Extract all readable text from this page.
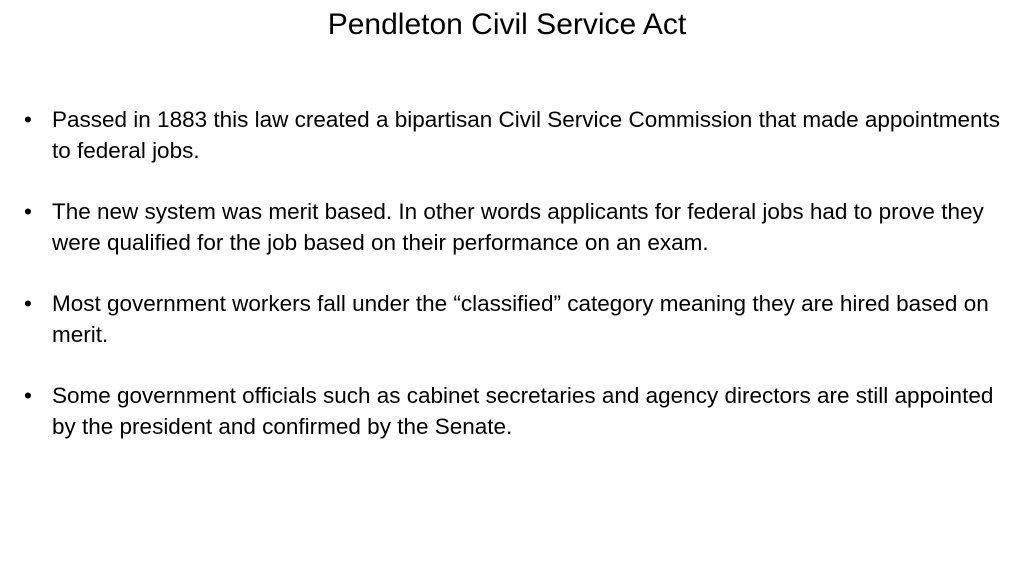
Pendleton Civil Service Act
• Passed in 1883 this law created a bipartisan Civil Service Commission that made appointments to federal jobs.
• The new system was merit based. In other words applicants for federal jobs had to prove they were qualified for the job based on their performance on an exam.
• Most government workers fall under the “classified” category meaning they are hired based on merit.
• Some government officials such as cabinet secretaries and agency directors are still appointed by the president and confirmed by the Senate.
